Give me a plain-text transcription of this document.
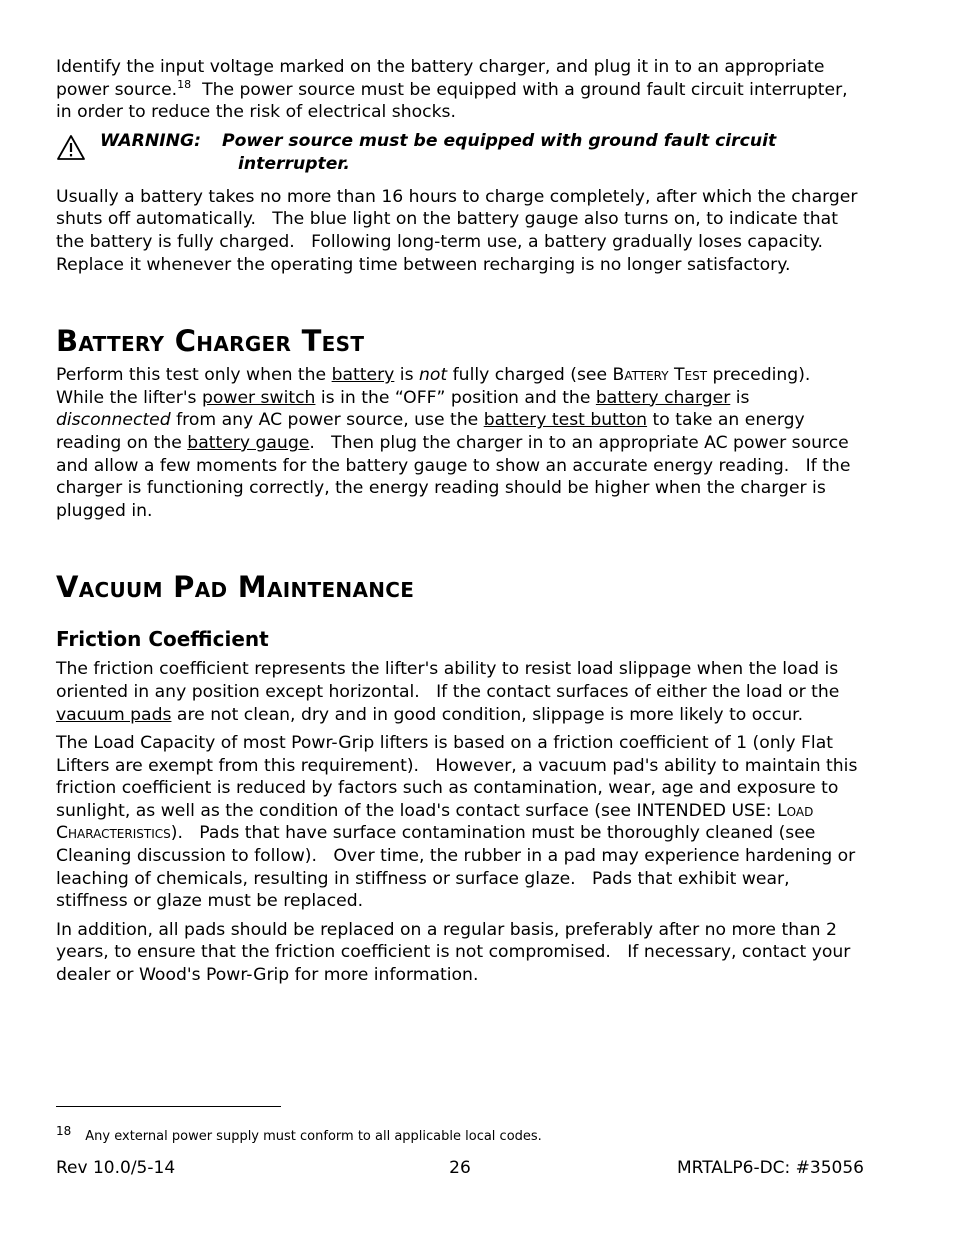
Identify the input voltage marked on the battery charger, and plug it in to an appropriate power source.$^{18}$  The power source must be equipped with a ground fault circuit interrupter, in order to reduce the risk of electrical shocks.

WARNING: Power source must be equipped with ground fault circuit
interrupter.

Usually a battery takes no more than 16 hours to charge completely, after which the charger shuts off automatically.   The blue light on the battery gauge also turns on, to indicate that the battery is fully charged.   Following long-term use, a battery gradually loses capacity.   Replace it whenever the operating time between recharging is no longer satisfactory.

Battery Charger Test

Perform this test only when the battery is not fully charged (see Battery Test preceding).   While the lifter's power switch is in the “OFF” position and the battery charger is disconnected from any AC power source, use the battery test button to take an energy reading on the battery gauge.   Then plug the charger in to an appropriate AC power source and allow a few moments for the battery gauge to show an accurate energy reading.   If the charger is functioning correctly, the energy reading should be higher when the charger is plugged in.

Vacuum Pad Maintenance
Friction Coefficient

The friction coefficient represents the lifter's ability to resist load slippage when the load is oriented in any position except horizontal.   If the contact surfaces of either the load or the vacuum pads are not clean, dry and in good condition, slippage is more likely to occur.

The Load Capacity of most Powr-Grip lifters is based on a friction coefficient of 1 (only Flat Lifters are exempt from this requirement).   However, a vacuum pad's ability to maintain this friction coefficient is reduced by factors such as contamination, wear, age and exposure to sunlight, as well as the condition of the load's contact surface (see INTENDED USE: Load Characteristics).   Pads that have surface contamination must be thoroughly cleaned (see Cleaning discussion to follow).   Over time, the rubber in a pad may experience hardening or leaching of chemicals, resulting in stiffness or surface glaze.   Pads that exhibit wear, stiffness or glaze must be replaced.

In addition, all pads should be replaced on a regular basis, preferably after no more than 2 years, to ensure that the friction coefficient is not compromised.   If necessary, contact your dealer or Wood's Powr-Grip for more information.

18 Any external power supply must conform to all applicable local codes.
Rev 10.0/5-14	26	MRTALP6-DC: #35056
